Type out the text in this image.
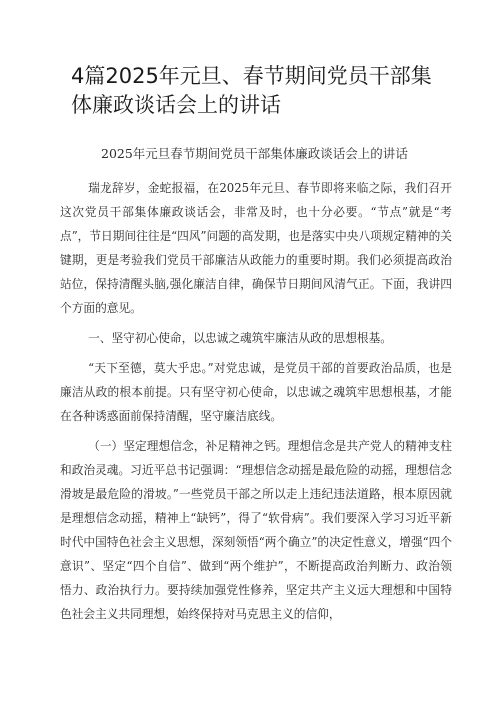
4篇2025年元旦、春节期间党员干部集体廉政谈话会上的讲话

2025年元旦春节期间党员干部集体廉政谈话会上的讲话

瑞龙辞岁，金蛇报福，在2025年元旦、春节即将来临之际，我们召开这次党员干部集体廉政谈话会，非常及时，也十分必要。“节点”就是“考点”，节日期间往往是“四风”问题的高发期，也是落实中央八项规定精神的关键期，更是考验我们党员干部廉洁从政能力的重要时期。我们必须提高政治站位，保持清醒头脑,强化廉洁自律，确保节日期间风清气正。下面，我讲四个方面的意见。

一、坚守初心使命，以忠诚之魂筑牢廉洁从政的思想根基。

“天下至德，莫大乎忠。”对党忠诚，是党员干部的首要政治品质，也是廉洁从政的根本前提。只有坚守初心使命，以忠诚之魂筑牢思想根基，才能在各种诱惑面前保持清醒，坚守廉洁底线。

（一）坚定理想信念，补足精神之钙。理想信念是共产党人的精神支柱和政治灵魂。习近平总书记强调：“理想信念动摇是最危险的动摇，理想信念滑坡是最危险的滑坡。”一些党员干部之所以走上违纪违法道路，根本原因就是理想信念动摇，精神上“缺钙”，得了“软骨病”。我们要深入学习习近平新时代中国特色社会主义思想，深刻领悟“两个确立”的决定性意义，增强“四个意识”、坚定“四个自信”、做到“两个维护”，不断提高政治判断力、政治领悟力、政治执行力。要持续加强党性修养，坚定共产主义远大理想和中国特色社会主义共同理想，始终保持对马克思主义的信仰，
